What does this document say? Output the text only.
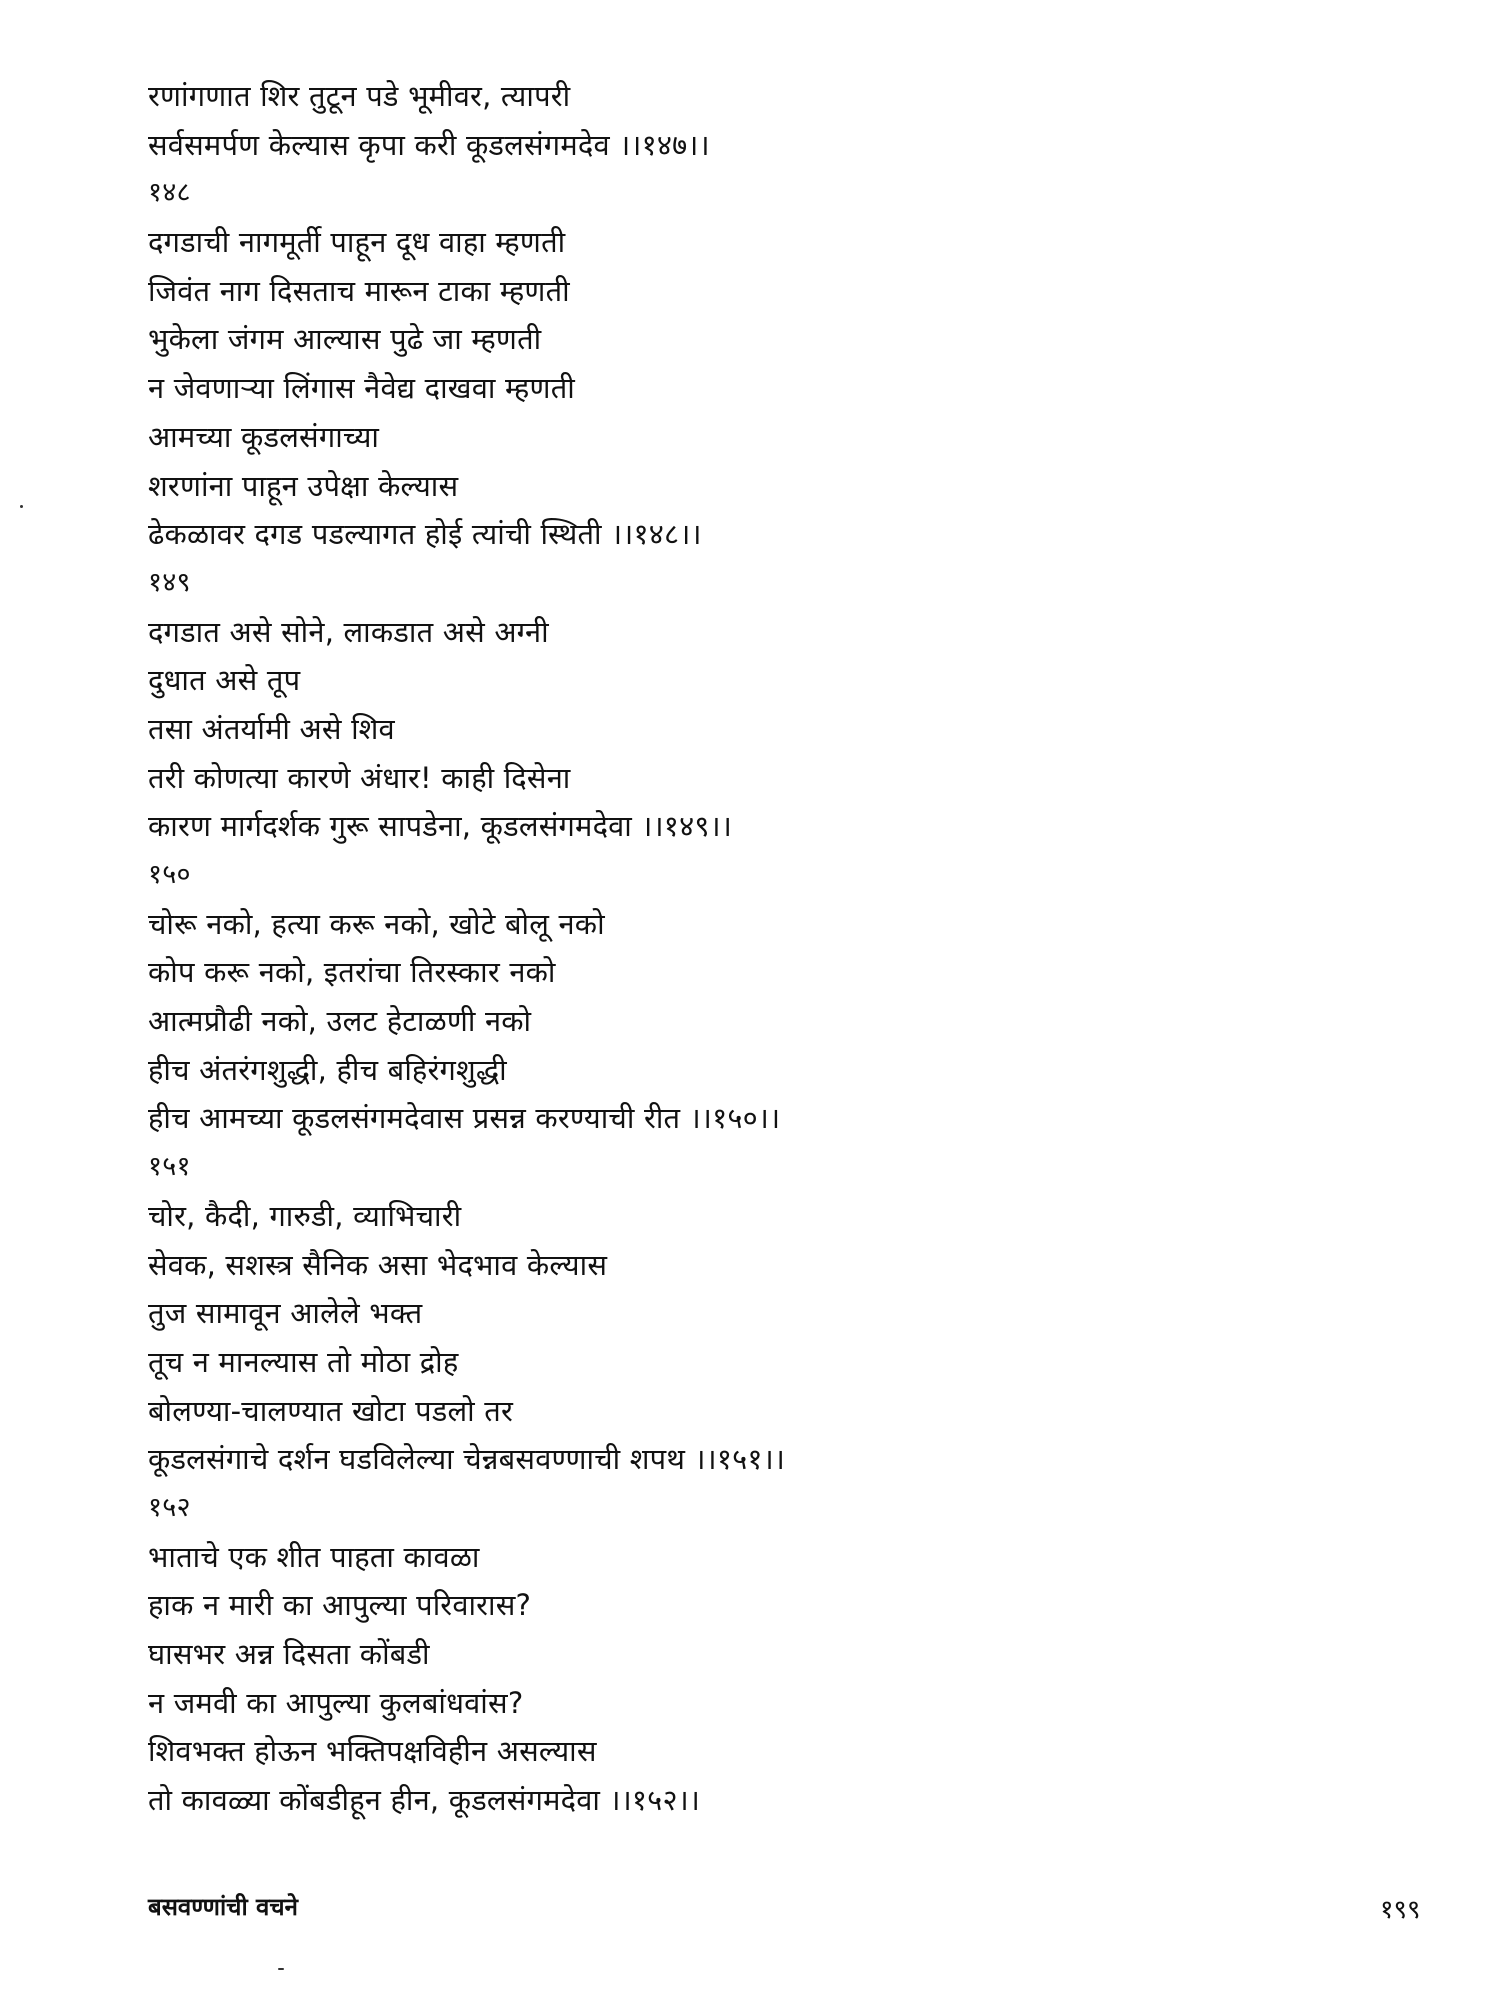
रणांगणात शिर तुटून पडे भूमीवर, त्यापरी
सर्वसमर्पण केल्यास कृपा करी कूडलसंगमदेव ।।१४७।।
१४८
दगडाची नागमूर्ती पाहून दूध वाहा म्हणती
जिवंत नाग दिसताच मारून टाका म्हणती
भुकेला जंगम आल्यास पुढे जा म्हणती
न जेवणाऱ्या लिंगास नैवेद्य दाखवा म्हणती
आमच्या कूडलसंगाच्या
शरणांना पाहून उपेक्षा केल्यास
ढेकळावर दगड पडल्यागत होई त्यांची स्थिती ।।१४८।।
१४९
दगडात असे सोने, लाकडात असे अग्नी
दुधात असे तूप
तसा अंतर्यामी असे शिव
तरी कोणत्या कारणे अंधार! काही दिसेना
कारण मार्गदर्शक गुरू सापडेना, कूडलसंगमदेवा ।।१४९।।
१५०
चोरू नको, हत्या करू नको, खोटे बोलू नको
कोप करू नको, इतरांचा तिरस्कार नको
आत्मप्रौढी नको, उलट हेटाळणी नको
हीच अंतरंगशुद्धी, हीच बहिरंगशुद्धी
हीच आमच्या कूडलसंगमदेवास प्रसन्न करण्याची रीत ।।१५०।।
१५१
चोर, कैदी, गारुडी, व्याभिचारी
सेवक, सशस्त्र सैनिक असा भेदभाव केल्यास
तुज सामावून आलेले भक्त
तूच न मानल्यास तो मोठा द्रोह
बोलण्या-चालण्यात खोटा पडलो तर
कूडलसंगाचे दर्शन घडविलेल्या चेन्नबसवण्णाची शपथ ।।१५१।।
१५२
भाताचे एक शीत पाहता कावळा
हाक न मारी का आपुल्या परिवारास?
घासभर अन्न दिसता कोंबडी
न जमवी का आपुल्या कुलबांधवांस?
शिवभक्त होऊन भक्तिपक्षविहीन असल्यास
तो कावळ्या कोंबडीहून हीन, कूडलसंगमदेवा ।।१५२।।
बसवण्णांची वचने	१९९
